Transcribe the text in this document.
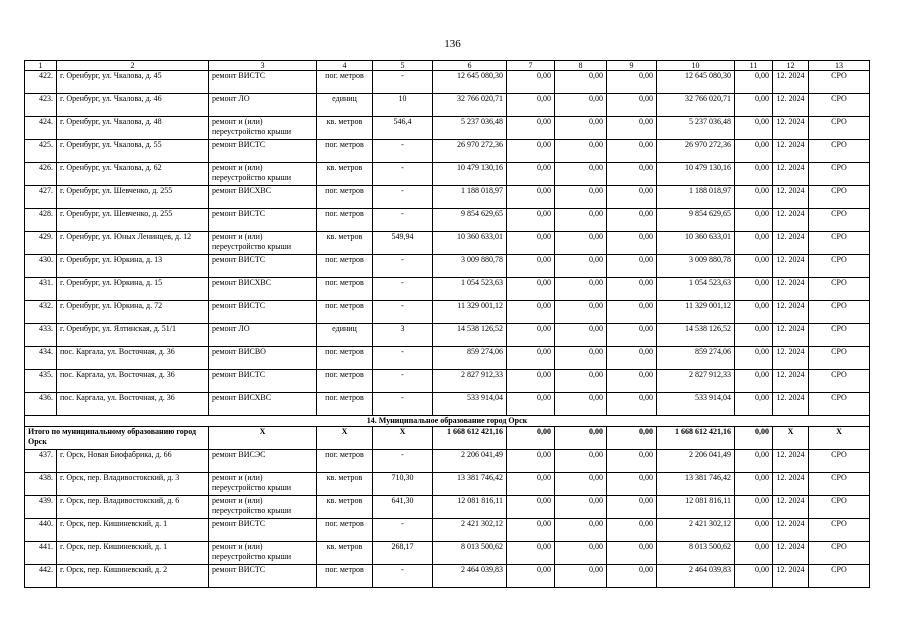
136
1	2	3	4	5	6	7	8	9	10	11	12	13
422.	г. Оренбург, ул. Чкалова, д. 45	ремонт ВИСТС	пог. метров	-	12 645 080,30	0,00	0,00	0,00	12 645 080,30	0,00	12. 2024	СРО
423.	г. Оренбург, ул. Чкалова, д. 46	ремонт ЛО	единиц	10	32 766 020,71	0,00	0,00	0,00	32 766 020,71	0,00	12. 2024	СРО
424.	г. Оренбург, ул. Чкалова, д. 48	ремонт и (или) переустройство крыши	кв. метров	546,4	5 237 036,48	0,00	0,00	0,00	5 237 036,48	0,00	12. 2024	СРО
425.	г. Оренбург, ул. Чкалова, д. 55	ремонт ВИСТС	пог. метров	-	26 970 272,36	0,00	0,00	0,00	26 970 272,36	0,00	12. 2024	СРО
426.	г. Оренбург, ул. Чкалова, д. 62	ремонт и (или) переустройство крыши	кв. метров	-	10 479 130,16	0,00	0,00	0,00	10 479 130,16	0,00	12. 2024	СРО
427.	г. Оренбург, ул. Шевченко, д. 255	ремонт ВИСХВС	пог. метров	-	1 188 018,97	0,00	0,00	0,00	1 188 018,97	0,00	12. 2024	СРО
428.	г. Оренбург, ул. Шевченко, д. 255	ремонт ВИСТС	пог. метров	-	9 854 629,65	0,00	0,00	0,00	9 854 629,65	0,00	12. 2024	СРО
429.	г. Оренбург, ул. Юных Ленинцев, д. 12	ремонт и (или) переустройство крыши	кв. метров	549,94	10 360 633,01	0,00	0,00	0,00	10 360 633,01	0,00	12. 2024	СРО
430.	г. Оренбург, ул. Юркина, д. 13	ремонт ВИСТС	пог. метров	-	3 009 880,78	0,00	0,00	0,00	3 009 880,78	0,00	12. 2024	СРО
431.	г. Оренбург, ул. Юркина, д. 15	ремонт ВИСХВС	пог. метров	-	1 054 523,63	0,00	0,00	0,00	1 054 523,63	0,00	12. 2024	СРО
432.	г. Оренбург, ул. Юркина, д. 72	ремонт ВИСТС	пог. метров	-	11 329 001,12	0,00	0,00	0,00	11 329 001,12	0,00	12. 2024	СРО
433.	г. Оренбург, ул. Ялтинская, д. 51/1	ремонт ЛО	единиц	3	14 538 126,52	0,00	0,00	0,00	14 538 126,52	0,00	12. 2024	СРО
434.	пос. Каргала, ул. Восточная, д. 36	ремонт ВИСВО	пог. метров	-	859 274,06	0,00	0,00	0,00	859 274,06	0,00	12. 2024	СРО
435.	пос. Каргала, ул. Восточная, д. 36	ремонт ВИСТС	пог. метров	-	2 827 912,33	0,00	0,00	0,00	2 827 912,33	0,00	12. 2024	СРО
436.	пос. Каргала, ул. Восточная, д. 36	ремонт ВИСХВС	пог. метров	-	533 914,04	0,00	0,00	0,00	533 914,04	0,00	12. 2024	СРО
14. Муниципальное образование город Орск												
Итого по муниципальному образованию город Орск		X	X	X	1 668 612 421,16	0,00	0,00	0,00	1 668 612 421,16	0,00	X	X
437.	г. Орск, Новая Биофабрика, д. 66	ремонт ВИСЭС	пог. метров	-	2 206 041,49	0,00	0,00	0,00	2 206 041,49	0,00	12. 2024	СРО
438.	г. Орск, пер. Владивостокский, д. 3	ремонт и (или) переустройство крыши	кв. метров	710,30	13 381 746,42	0,00	0,00	0,00	13 381 746,42	0,00	12. 2024	СРО
439.	г. Орск, пер. Владивостокский, д. 6	ремонт и (или) переустройство крыши	кв. метров	641,30	12 081 816,11	0,00	0,00	0,00	12 081 816,11	0,00	12. 2024	СРО
440.	г. Орск, пер. Кишиневский, д. 1	ремонт ВИСТС	пог. метров	-	2 421 302,12	0,00	0,00	0,00	2 421 302,12	0,00	12. 2024	СРО
441.	г. Орск, пер. Кишиневский, д. 1	ремонт и (или) переустройство крыши	кв. метров	268,17	8 013 500,62	0,00	0,00	0,00	8 013 500,62	0,00	12. 2024	СРО
442.	г. Орск, пер. Кишиневский, д. 2	ремонт ВИСТС	пог. метров	-	2 464 039,83	0,00	0,00	0,00	2 464 039,83	0,00	12. 2024	СРО
